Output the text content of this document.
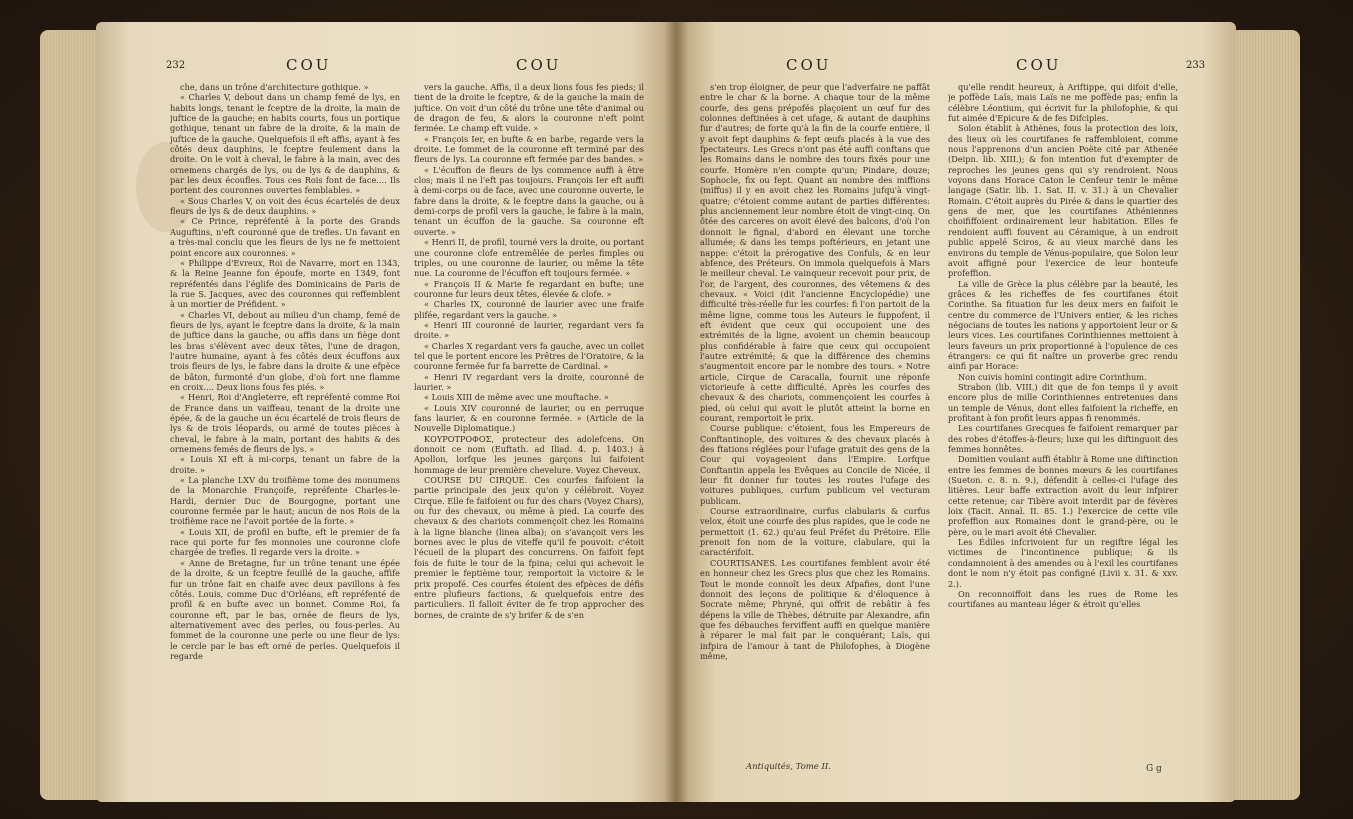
232	COU	COU

che, dans un trône d'architecture gothique. »

« Charles V, debout dans un champ femé de lys, en habits longs, tenant le fceptre de la droite, la main de juftice de la gauche; en habits courts, fous un portique gothique, tenant un fabre de la droite, & la main de juftice de la gauche. Quelquefois il eft affis, ayant à fes côtés deux dauphins, le fceptre feulement dans la droite. On le voit à cheval, le fabre à la main, avec des ornemens chargés de lys, ou de lys & de dauphins, & par les deux écoufles. Tous ces Rois font de face.... Ils portent des couronnes ouvertes femblables. »

« Sous Charles V, on voit des écus écartelés de deux fleurs de lys & de deux dauphins. »

« Ce Prince, repréfenté à la porte des Grands Auguftins, n'eft couronné que de trefles. Un favant en a très-mal conclu que les fleurs de lys ne fe mettoient point encore aux couronnes. »

« Philippe d'Evreux, Roi de Navarre, mort en 1343, & la Reine Jeanne fon époufe, morte en 1349, font repréfentés dans l'églife des Dominicains de Paris de la rue S. Jacques, avec des couronnes qui reffemblent à un mortier de Préfident. »

« Charles VI, debout au milieu d'un champ, femé de fleurs de lys, ayant le fceptre dans la droite, & la main de juftice dans la gauche, ou affis dans un fiège dont les bras s'élèvent avec deux têtes, l'une de dragon, l'autre humaine, ayant à fes côtés deux écuffons aux trois fleurs de lys, le fabre dans la droite & une efpèce de bâton, furmonté d'un globe, d'où fort une flamme en croix.... Deux lions fous fes piés. »

« Henri, Roi d'Angleterre, eft repréfenté comme Roi de France dans un vaiffeau, tenant de la droite une épée, & de la gauche un écu écartelé de trois fleurs de lys & de trois léopards, ou armé de toutes pièces à cheval, le fabre à la main, portant des habits & des ornemens femés de fleurs de lys. »

« Louis XI eft à mi-corps, tenant un fabre de la droite. »

« La planche LXV du troifième tome des monumens de la Monarchie Françoife, repréfente Charles-le-Hardi, dernier Duc de Bourgogne, portant une couronne fermée par le haut; aucun de nos Rois de la troifième race ne l'avoit portée de la forte. »

« Louis XII, de profil en bufte, eft le premier de fa race qui porte fur fes monnoies une couronne clofe chargée de trefles. Il regarde vers la droite. »

« Anne de Bretagne, fur un trône tenant une épée de la droite, & un fceptre feuillé de la gauche, affife fur un trône fait en chaife avec deux pavillons à fes côtés. Louis, comme Duc d'Orléans, eft repréfenté de profil & en bufte avec un bonnet. Comme Roi, fa couronne eft, par le bas, ornée de fleurs de lys, alternativement avec des perles, ou fous-perles. Au fommet de la couronne une perle ou une fleur de lys: le cercle par le bas eft orné de perles. Quelquefois il regarde

vers la gauche. Affis, il a deux lions fous fes pieds; il tient de la droite le fceptre, & de la gauche la main de juftice. On voit d'un côté du trône une tête d'animal ou de dragon de feu, & alors la couronne n'eft point fermée. Le champ eft vuide. »

« François Ier, en bufte & en barbe, regarde vers la droite. Le fommet de la couronne eft terminé par des fleurs de lys. La couronne eft fermée par des bandes. »

« L'écuffon de fleurs de lys commence auffi à être clos; mais il ne l'eft pas toujours. François Ier eft auffi à demi-corps ou de face, avec une couronne ouverte, le fabre dans la droite, & le fceptre dans la gauche, ou à demi-corps de profil vers la gauche, le fabre à la main, tenant un écuffon de la gauche. Sa couronne eft ouverte. »

« Henri II, de profil, tourné vers la droite, ou portant une couronne clofe entremêlée de perles fimples ou triples, ou une couronne de laurier, ou même la tête nue. La couronne de l'écuffon eft toujours fermée. »

« François II & Marie fe regardant en bufte; une couronne fur leurs deux têtes, élevée & clofe. »

« Charles IX, couronné de laurier avec une fraife plifée, regardant vers la gauche. »

« Henri III couronné de laurier, regardant vers fa droite. »

« Charles X regardant vers fa gauche, avec un collet tel que le portent encore les Prêtres de l'Oratoire, & la couronne fermée fur fa barrette de Cardinal. »

« Henri IV regardant vers la droite, couronné de laurier. »

« Louis XIII de même avec une mouftache. »

« Louis XIV couronné de laurier, ou en perruque fans laurier, & en couronne fermée. » (Article de la Nouvelle Diplomatique.)

ΚΟΥΡΟΤΡΟΦΟΣ, protecteur des adolefcens. On donnoit ce nom (Euftath. ad Iliad. 4. p. 1403.) à Apollon, lorfque les jeunes garçons lui faifoient hommage de leur première chevelure. Voyez Cheveux.

COURSE DU CIRQUE. Ces courfes faifoient la partie principale des jeux qu'on y célébroit. Voyez Cirque. Elle fe faifoient ou fur des chars (Voyez Chars), ou fur des chevaux, ou même à pied. La courfe des chevaux & des chariots commençoit chez les Romains à la ligne blanche (linea alba); on s'avançoit vers les bornes avec le plus de viteffe qu'il fe pouvoit: c'étoit l'écueil de la plupart des concurrens. On faifoit fept fois de fuite le tour de la fpina; celui qui achevoit le premier le feptième tour, remportoit la victoire & le prix propofé. Ces courfes étoient des efpèces de défis entre plufieurs factions, & quelquefois entre des particuliers. Il falloit éviter de fe trop approcher des bornes, de crainte de s'y brifer & de s'en

233
COU	COU

s'en trop éloigner, de peur que l'adverfaire ne paffât entre le char & la borne. A chaque tour de la même courfe, des gens prépofés plaçoient un œuf fur des colonnes deftinées à cet ufage, & autant de dauphins fur d'autres; de forte qu'à la fin de la courfe entière, il y avoit fept dauphins & fept œufs placés à la vue des fpectateurs. Les Grecs n'ont pas été auffi conftans que les Romains dans le nombre des tours fixés pour une courfe. Homère n'en compte qu'un; Pindare, douze; Sophocle, fix ou fept. Quant au nombre des miffions (miffus) il y en avoit chez les Romains jufqu'à vingt-quatre; c'étoient comme autant de parties différentes: plus anciennement leur nombre étoit de vingt-cinq. On ôtée des carceres on avoit élevé des balcons, d'où l'on donnoit le fignal, d'abord en élevant une torche allumée; & dans les temps poftérieurs, en jetant une nappe: c'étoit la prérogative des Confuls, & en leur abfence, des Préteurs. On immola quelquefois à Mars le meilleur cheval. Le vainqueur recevoit pour prix, de l'or, de l'argent, des couronnes, des vêtemens & des chevaux. « Voici (dit l'ancienne Encyclopédie) une difficulté très-réelle fur les courfes: fi l'on partoit de la même ligne, comme tous les Auteurs le fuppofent, il eft évident que ceux qui occupoient une des extrémités de la ligne, avoient un chemin beaucoup plus confidérable à faire que ceux qui occupoient l'autre extrémité; & que la différence des chemins s'augmentoit encore par le nombre des tours. » Notre article, Cirque de Caracalla, fournit une réponfe victorieufe à cette difficulté. Après les courfes des chevaux & des chariots, commençoient les courfes à pied, où celui qui avoit le plutôt atteint la borne en courant, remportoit le prix.

Course publique: c'étoient, fous les Empereurs de Conftantinople, des voitures & des chevaux placés à des ftations réglées pour l'ufage gratuit des gens de la Cour qui voyageoient dans l'Empire. Lorfque Conftantin appela les Evêques au Concile de Nicée, il leur fit donner fur toutes les routes l'ufage des voitures publiques, curfum publicum vel vecturam publicam.

Course extraordinaire, curfus clabularis & curfus velox, étoit une courfe des plus rapides, que le code ne permettoit (1. 62.) qu'au feul Préfet du Prétoire. Elle prenoit fon nom de la voiture, clabulare, qui la caractérifoit.

COURTISANES. Les courtifanes femblent avoir été en honneur chez les Grecs plus que chez les Romains. Tout le monde connoît les deux Afpafies, dont l'une donnoit des leçons de politique & d'éloquence à Socrate même; Phryné, qui offrit de rebâtir à fes dépens la ville de Thèbes, détruite par Alexandre, afin que fes débauches ferviffent auffi en quelque manière à réparer le mal fait par le conquérant; Laïs, qui infpira de l'amour à tant de Philofophes, à Diogène même,

qu'elle rendit heureux, à Ariftippe, qui difoit d'elle, je poffède Laïs, mais Laïs ne me poffède pas; enfin la célèbre Léontium, qui écrivit fur la philofophie, & qui fut aimée d'Epicure & de fes Difciples.

Solon établit à Athènes, fous la protection des loix, des lieux où les courtifanes fe raffembloient, comme nous l'apprenons d'un ancien Poëte cité par Athenée (Deipn. lib. XIII.); & fon intention fut d'exempter de reproches les jeunes gens qui s'y rendroient. Nous voyons dans Horace Caton le Cenfeur tenir le même langage (Satir. lib. 1. Sat. II. v. 31.) à un Chevalier Romain. C'étoit auprès du Pirée & dans le quartier des gens de mer, que les courtifanes Athéniennes choififfoient ordinairement leur habitation. Elles fe rendoient auffi fouvent au Céramique, à un endroit public appelé Sciros, & au vieux marché dans les environs du temple de Vénus-populaire, que Solon leur avoit affigné pour l'exercice de leur honteufe profeffion.

La ville de Grèce la plus célèbre par la beauté, les grâces & les richeffes de fes courtifanes étoit Corinthe. Sa fituation fur les deux mers en faifoit le centre du commerce de l'Univers entier, & les riches négocians de toutes les nations y apportoient leur or & leurs vices. Les courtifanes Corinthiennes mettoient à leurs faveurs un prix proportionné à l'opulence de ces étrangers: ce qui fit naître un proverbe grec rendu ainfi par Horace:

Non cuivis homini contingit adire Corinthum.

Strabon (lib. VIII.) dit que de fon temps il y avoit encore plus de mille Corinthiennes entretenues dans un temple de Vénus, dont elles faifoient la richeffe, en profitant à fon profit leurs appas fi renommés.

Les courtifanes Grecques fe faifoient remarquer par des robes d'étoffes-à-fleurs; luxe qui les diftinguoit des femmes honnêtes.

Domitien voulant auffi établir à Rome une diftinction entre les femmes de bonnes mœurs & les courtifanes (Sueton. c. 8. n. 9.), défendit à celles-ci l'ufage des litières. Leur baffe extraction avoit du leur infpirer cette retenue; car Tibère avoit interdit par de févères loix (Tacit. Annal. II. 85. 1.) l'exercice de cette vile profeffion aux Romaines dont le grand-père, ou le père, ou le mari avoit été Chevalier.

Les Édiles infcrivoient fur un regiftre légal les victimes de l'incontinence publique; & ils condamnoient à des amendes ou à l'exil les courtifanes dont le nom n'y étoit pas configné (Livii x. 31. & xxv. 2.).

On reconnoiffoit dans les rues de Rome les courtifanes au manteau léger & étroit qu'elles

Antiquités, Tome II.	G g
